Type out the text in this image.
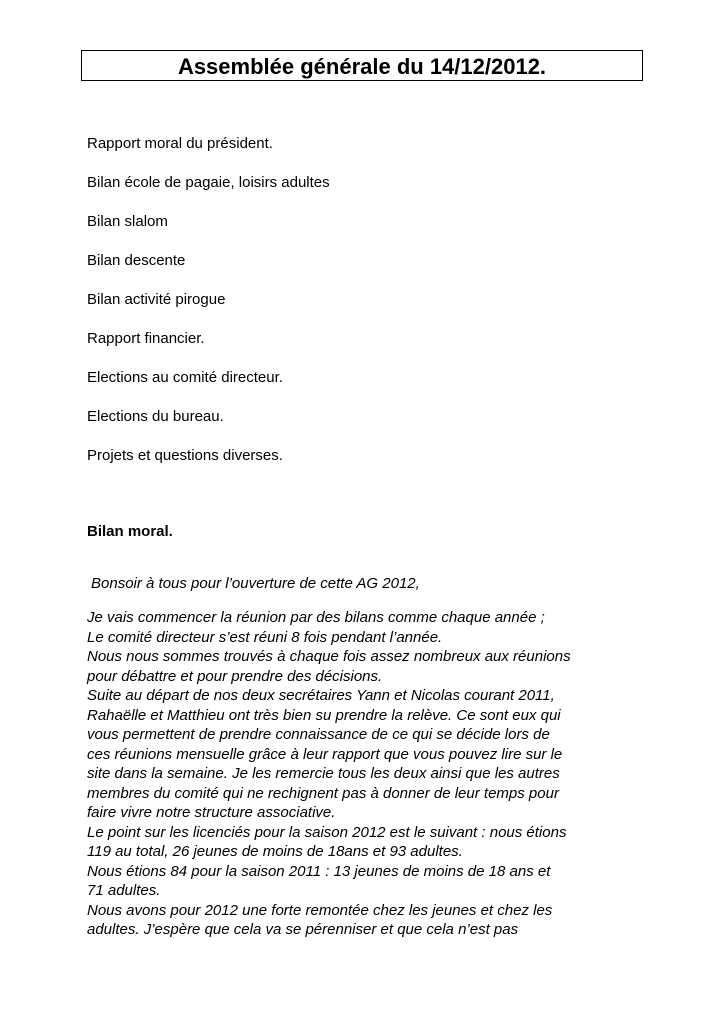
Assemblée générale du 14/12/2012.
Rapport moral du président.
Bilan école de pagaie, loisirs adultes
Bilan slalom
Bilan descente
Bilan activité pirogue
Rapport financier.
Elections au comité directeur.
Elections du bureau.
Projets et questions diverses.
Bilan moral.

Bonsoir à tous pour l’ouverture de cette AG 2012,

Je vais commencer la réunion par des bilans comme chaque année ;
Le comité directeur s’est réuni 8 fois pendant l’année.
Nous nous sommes trouvés à chaque fois assez nombreux aux réunions
pour débattre et pour prendre des décisions.
Suite au départ de nos deux secrétaires Yann et Nicolas courant 2011,
Rahaëlle et Matthieu ont très bien su prendre la relève. Ce sont eux qui
vous permettent de prendre connaissance de ce qui se décide lors de
ces réunions mensuelle grâce à leur rapport que vous pouvez lire sur le
site dans la semaine. Je les remercie tous les deux ainsi que les autres
membres du comité qui ne rechignent pas à donner de leur temps pour
faire vivre notre structure associative.
Le point sur les licenciés pour la saison 2012 est le suivant : nous étions
119 au total, 26 jeunes de moins de 18ans et 93 adultes.
Nous étions 84 pour la saison 2011 : 13 jeunes de moins de 18 ans et
71 adultes.
Nous avons pour 2012 une forte remontée chez les jeunes et chez les
adultes. J’espère que cela va se pérenniser et que cela n’est pas
